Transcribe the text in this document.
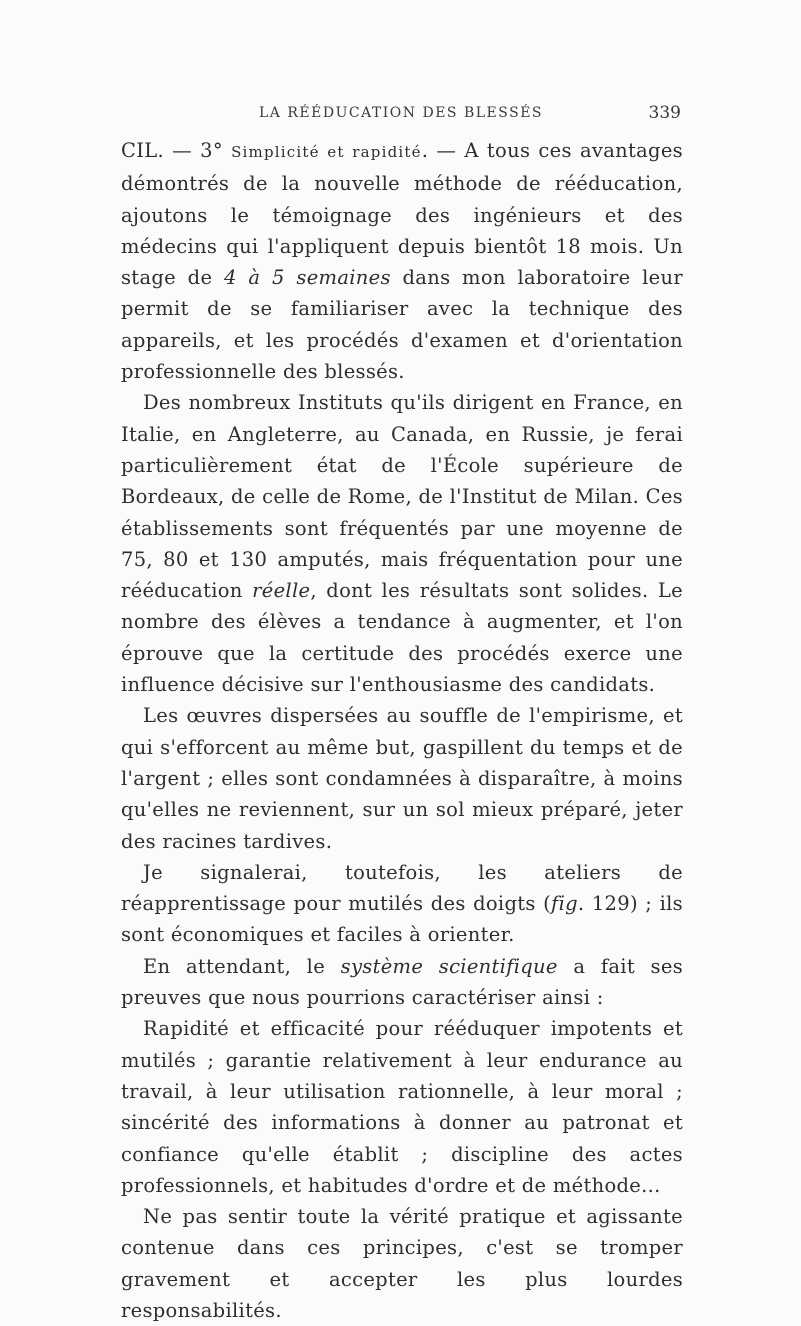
LA RÉÉDUCATION DES BLESSÉS	339

CIL. — 3° Simplicité et rapidité. — A tous ces avantages démontrés de la nouvelle méthode de rééducation, ajoutons le témoignage des ingénieurs et des médecins qui l'appliquent depuis bientôt 18 mois. Un stage de 4 à 5 semaines dans mon laboratoire leur permit de se familiariser avec la technique des appareils, et les procédés d'examen et d'orientation professionnelle des blessés.

Des nombreux Instituts qu'ils dirigent en France, en Italie, en Angleterre, au Canada, en Russie, je ferai particulièrement état de l'École supérieure de Bordeaux, de celle de Rome, de l'Institut de Milan. Ces établissements sont fréquentés par une moyenne de 75, 80 et 130 amputés, mais fréquentation pour une rééducation réelle, dont les résultats sont solides. Le nombre des élèves a tendance à augmenter, et l'on éprouve que la certitude des procédés exerce une influence décisive sur l'enthousiasme des candidats.

Les œuvres dispersées au souffle de l'empirisme, et qui s'efforcent au même but, gaspillent du temps et de l'argent ; elles sont condamnées à disparaître, à moins qu'elles ne reviennent, sur un sol mieux préparé, jeter des racines tardives.

Je signalerai, toutefois, les ateliers de réapprentissage pour mutilés des doigts (fig. 129) ; ils sont économiques et faciles à orienter.

En attendant, le système scientifique a fait ses preuves que nous pourrions caractériser ainsi :

Rapidité et efficacité pour rééduquer impotents et mutilés ; garantie relativement à leur endurance au travail, à leur utilisation rationnelle, à leur moral ; sincérité des informations à donner au patronat et confiance qu'elle établit ; discipline des actes professionnels, et habitudes d'ordre et de méthode...

Ne pas sentir toute la vérité pratique et agissante contenue dans ces principes, c'est se tromper gravement et accepter les plus lourdes responsabilités.
